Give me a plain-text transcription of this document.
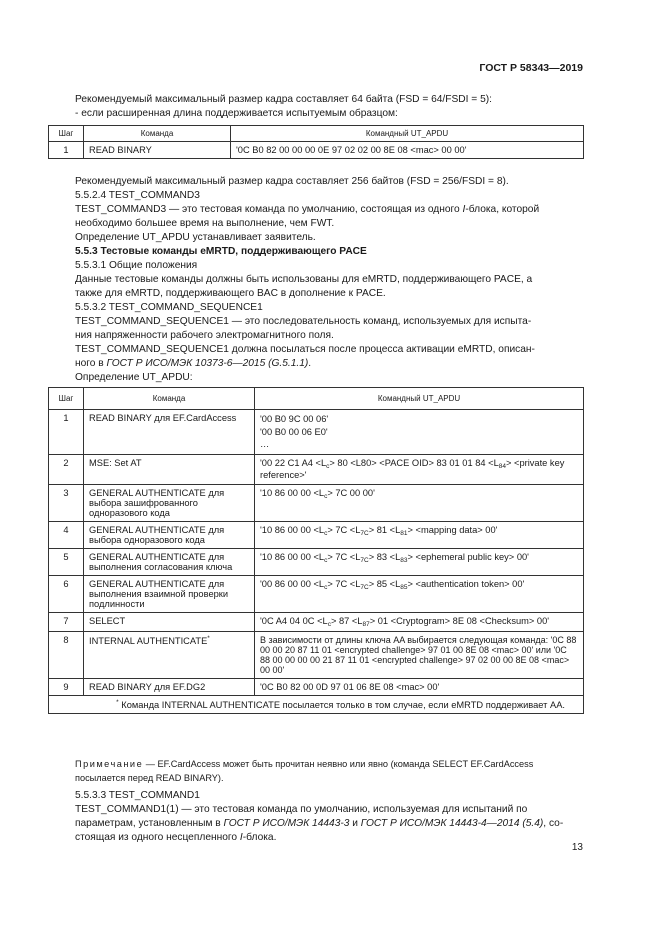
ГОСТ Р 58343—2019
Рекомендуемый максимальный размер кадра составляет 64 байта (FSD = 64/FSDI = 5):
- если расширенная длина поддерживается испытуемым образцом:
Шаг	Команда	Командный UT_APDU
1	READ BINARY	'0C B0 82 00 00 00 0E 97 02 02 00 8E 08 <mac> 00 00'
Рекомендуемый максимальный размер кадра составляет 256 байтов (FSD = 256/FSDI = 8).
5.5.2.4 TEST_COMMAND3
TEST_COMMAND3 — это тестовая команда по умолчанию, состоящая из одного I-блока, которой
необходимо большее время на выполнение, чем FWT.
Определение UT_APDU устанавливает заявитель.
5.5.3 Тестовые команды eMRTD, поддерживающего PACE
5.5.3.1 Общие положения
Данные тестовые команды должны быть использованы для eMRTD, поддерживающего PACE, а
также для eMRTD, поддерживающего BAC в дополнение к PACE.
5.5.3.2 TEST_COMMAND_SEQUENCE1
TEST_COMMAND_SEQUENCE1 — это последовательность команд, используемых для испыта-
ния напряженности рабочего электромагнитного поля.
TEST_COMMAND_SEQUENCE1 должна посылаться после процесса активации eMRTD, описан-
ного в ГОСТ Р ИСО/МЭК 10373-6—2015 (G.5.1.1).
Определение UT_APDU:
Шаг	Команда	Командный UT_APDU
1	READ BINARY для EF.CardAccess	'00 B0 9C 00 06'
'00 B0 00 06 E0'
…

2	MSE: Set AT	'00 22 C1 $A4 <L_c> 80 <L80>$ <PACE OID> 83 01 01 $84 <L_{84}>$ <private key reference>'
3	GENERAL AUTHENTICATE для выбора зашифрованного одноразового кода	'10 86 00 $00 <L_c> 7C$ 00 00'
4	GENERAL AUTHENTICATE для выбора одноразового кода	'10 86 00 $00 <L_c> 7C <L_{7C}> 81 <L_{81}>$ <mapping data> 00'
5	GENERAL AUTHENTICATE для выполнения согласования ключа	'10 86 00 $00 <L_c> 7C <L_{7C}> 83 <L_{83}>$ <ephemeral public key> 00'
6	GENERAL AUTHENTICATE для выполнения взаимной проверки подлинности	'00 86 00 $00 <L_c> 7C <L_{7C}> 85 <L_{85}>$ <authentication token> 00'
7	SELECT	'0C A4 04 $0C <L_c> 87 <L_{87}> 01$ <Cryptogram> 8E 08 <Checksum> 00'
8	INTERNAL AUTHENTICATE*	В зависимости от длины ключа AA выбирается следующая команда: '0C 88 00 00 20 87 11 01 <encrypted challenge> 97 01 00 8E 08 <mac> 00' или '0C 88 00 00 00 00 21 87 11 01 <encrypted challenge> 97 02 00 00 8E 08 <mac> 00 00'
9	READ BINARY для EF.DG2	'0C B0 82 00 0D 97 01 06 8E 08 <mac> 00'
* Команда INTERNAL AUTHENTICATE посылается только в том случае, если eMRTD поддерживает AA.		
Примечание — EF.CardAccess может быть прочитан неявно или явно (команда SELECT EF.CardAccess посылается перед READ BINARY).
5.5.3.3 TEST_COMMAND1
TEST_COMMAND1(1) — это тестовая команда по умолчанию, используемая для испытаний по
параметрам, установленным в ГОСТ Р ИСО/МЭК 14443-3 и ГОСТ Р ИСО/МЭК 14443-4—2014 (5.4), со-
стоящая из одного несцепленного I-блока.
13
